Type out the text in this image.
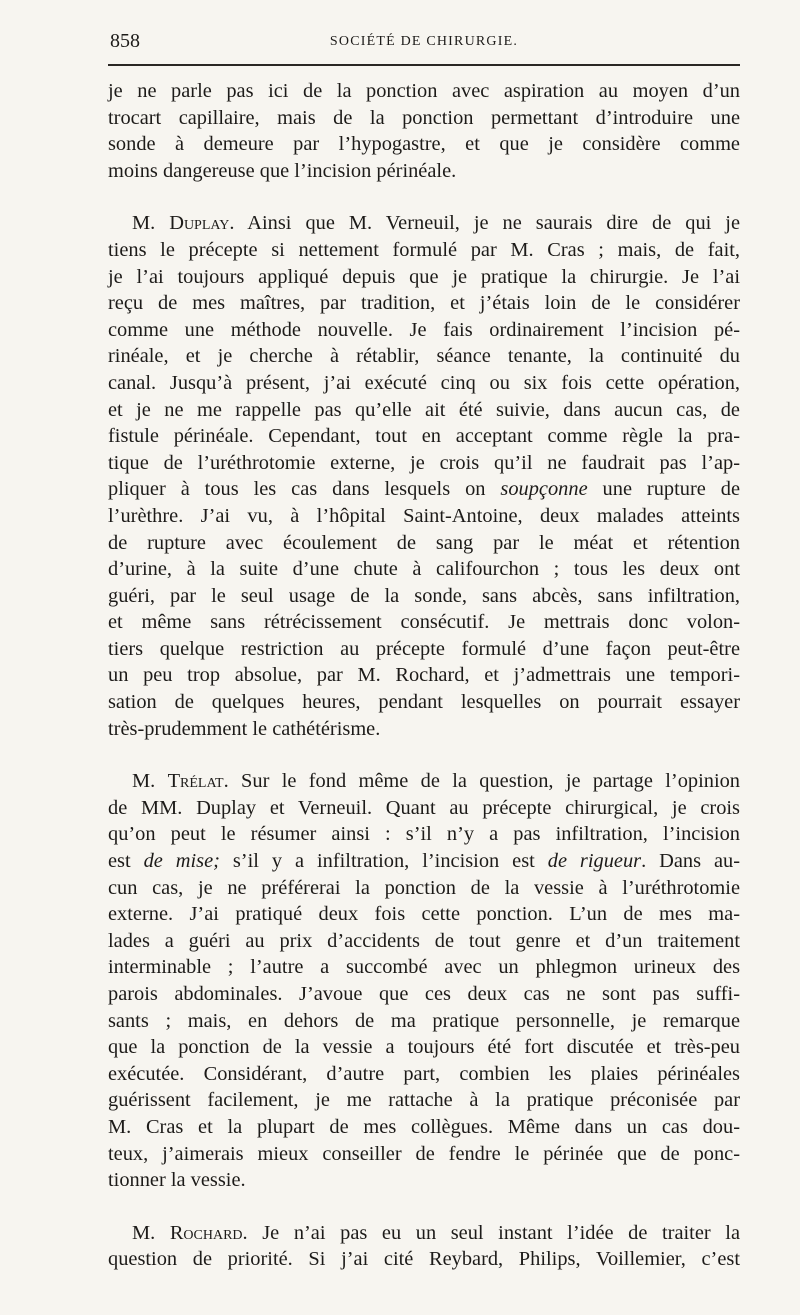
858	SOCIÉTÉ DE CHIRURGIE.
je ne parle pas ici de la ponction avec aspiration au moyen d’un
trocart capillaire, mais de la ponction permettant d’introduire une
sonde à demeure par l’hypogastre, et que je considère comme
moins dangereuse que l’incision périnéale.
M. Duplay. Ainsi que M. Verneuil, je ne saurais dire de qui je
tiens le précepte si nettement formulé par M. Cras ; mais, de fait,
je l’ai toujours appliqué depuis que je pratique la chirurgie. Je l’ai
reçu de mes maîtres, par tradition, et j’étais loin de le considérer
comme une méthode nouvelle. Je fais ordinairement l’incision pé-
rinéale, et je cherche à rétablir, séance tenante, la continuité du
canal. Jusqu’à présent, j’ai exécuté cinq ou six fois cette opération,
et je ne me rappelle pas qu’elle ait été suivie, dans aucun cas, de
fistule périnéale. Cependant, tout en acceptant comme règle la pra-
tique de l’uréthrotomie externe, je crois qu’il ne faudrait pas l’ap-
pliquer à tous les cas dans lesquels on soupçonne une rupture de
l’urèthre. J’ai vu, à l’hôpital Saint-Antoine, deux malades atteints
de rupture avec écoulement de sang par le méat et rétention
d’urine, à la suite d’une chute à califourchon ; tous les deux ont
guéri, par le seul usage de la sonde, sans abcès, sans infiltration,
et même sans rétrécissement consécutif. Je mettrais donc volon-
tiers quelque restriction au précepte formulé d’une façon peut-être
un peu trop absolue, par M. Rochard, et j’admettrais une tempori-
sation de quelques heures, pendant lesquelles on pourrait essayer
très-prudemment le cathétérisme.
M. Trélat. Sur le fond même de la question, je partage l’opinion
de MM. Duplay et Verneuil. Quant au précepte chirurgical, je crois
qu’on peut le résumer ainsi : s’il n’y a pas infiltration, l’incision
est de mise; s’il y a infiltration, l’incision est de rigueur. Dans au-
cun cas, je ne préférerai la ponction de la vessie à l’uréthrotomie
externe. J’ai pratiqué deux fois cette ponction. L’un de mes ma-
lades a guéri au prix d’accidents de tout genre et d’un traitement
interminable ; l’autre a succombé avec un phlegmon urineux des
parois abdominales. J’avoue que ces deux cas ne sont pas suffi-
sants ; mais, en dehors de ma pratique personnelle, je remarque
que la ponction de la vessie a toujours été fort discutée et très-peu
exécutée. Considérant, d’autre part, combien les plaies périnéales
guérissent facilement, je me rattache à la pratique préconisée par
M. Cras et la plupart de mes collègues. Même dans un cas dou-
teux, j’aimerais mieux conseiller de fendre le périnée que de ponc-
tionner la vessie.
M. Rochard. Je n’ai pas eu un seul instant l’idée de traiter la
question de priorité. Si j’ai cité Reybard, Philips, Voillemier, c’est
